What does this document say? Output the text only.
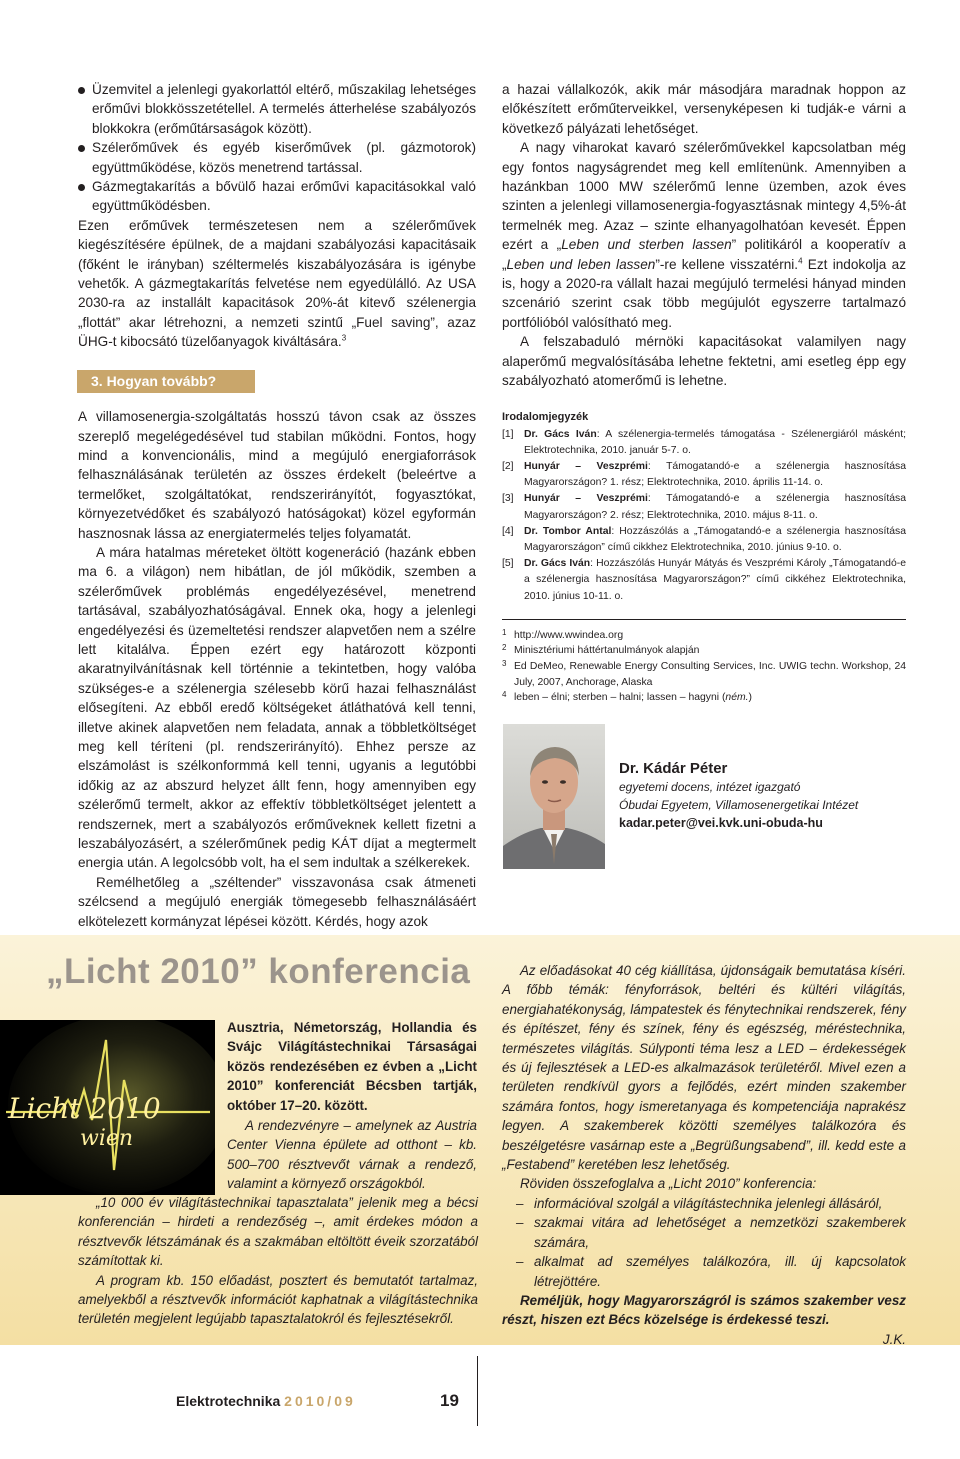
Üzemvitel a jelenlegi gyakorlattól eltérő, műszakilag lehetséges erőművi blokkösszetétellel. A termelés átterhelése szabályozós blokkokra (erőműtársaságok között).
Szélerőművek és egyéb kiserőművek (pl. gázmotorok) együttműködése, közös menetrend tartással.
Gázmegtakarítás a bővülő hazai erőművi kapacitásokkal való együttműködésben.

Ezen erőművek természetesen nem a szélerőművek kiegészítésére épülnek, de a majdani szabályozási kapacitásaik (főként le irányban) széltermelés kiszabályozására is igénybe vehetők. A gázmegtakarítás felvetése nem egyedülálló. Az USA 2030-ra az installált kapacitások 20%-át kitevő szélenergia „flottát” akar létrehozni, a nemzeti szintű „Fuel saving”, azaz ÜHG-t kibocsátó tüzelőanyagok kiváltására.$^3$

3. Hogyan tovább?

A villamosenergia-szolgáltatás hosszú távon csak az összes szereplő megelégedésével tud stabilan működni. Fontos, hogy mind a konvencionális, mind a megújuló energiaforrások felhasználásának területén az összes érdekelt (beleértve a termelőket, szolgáltatókat, rendszerirányítót, fogyasztókat, környezetvédőket és szabályozó hatóságokat) közel egyformán hasznosnak lássa az energiatermelés teljes folyamatát.

A mára hatalmas méreteket öltött kogeneráció (hazánk ebben ma 6. a világon) nem hibátlan, de jól működik, szemben a szélerőművek problémás engedélyezésével, menetrend tartásával, szabályozhatóságával. Ennek oka, hogy a jelenlegi engedélyezési és üzemeltetési rendszer alapvetően nem a szélre lett kitalálva. Éppen ezért egy határozott központi akaratnyilvánításnak kell történnie a tekintetben, hogy valóba szükséges-e a szélenergia szélesebb körű hazai felhasználást elősegíteni. Az ebből eredő költségeket átláthatóvá kell tenni, illetve akinek alapvetően nem feladata, annak a többletköltséget meg kell téríteni (pl. rendszerirányító). Ehhez persze az elszámolást is szélkonformmá kell tenni, ugyanis a legutóbbi időkig az az abszurd helyzet állt fenn, hogy amennyiben egy szélerőmű termelt, akkor az effektív többletköltséget jelentett a rendszernek, mert a szabályozós erőműveknek kellett fizetni a leszabályozásért, a szélerőműnek pedig KÁT díjat a megtermelt energia után. A legolcsóbb volt, ha el sem indultak a szélkerekek.

Remélhetőleg a „széltender” visszavonása csak átmeneti szélcsend a megújuló energiák tömegesebb felhasználásáért elkötelezett kormányzat lépései között. Kérdés, hogy azok

a hazai vállalkozók, akik már másodjára maradnak hoppon az előkészített erőműterveikkel, versenyképesen ki tudják-e várni a következő pályázati lehetőséget.

A nagy viharokat kavaró szélerőművekkel kapcsolatban még egy fontos nagyságrendet meg kell említenünk. Amennyiben a hazánkban 1000 MW szélerőmű lenne üzemben, azok éves szinten a jelenlegi villamosenergia-fogyasztásnak mintegy 4,5%-át termelnék meg. Azaz – szinte elhanyagolhatóan kevesét. Éppen ezért a „Leben und sterben lassen” politikáról a kooperatív a „Leben und leben lassen”-re kellene visszatérni.$^4$ Ezt indokolja az is, hogy a 2020-ra vállalt hazai megújuló termelési hányad minden szcenárió szerint csak több megújulót egyszerre tartalmazó portfólióból valósítható meg.

A felszabaduló mérnöki kapacitásokat valamilyen nagy alaperőmű megvalósításába lehetne fektetni, ami esetleg épp egy szabályozható atomerőmű is lehetne.

Irodalomjegyzék
[1] Dr. Gács Iván: A szélenergia-termelés támogatása - Szélenergiáról másként; Elektrotechnika, 2010. január 5-7. o.
[2] Hunyár – Veszprémi: Támogatandó-e a szélenergia hasznosítása Magyarországon? 1. rész; Elektrotechnika, 2010. április 11-14. o.
[3] Hunyár – Veszprémi: Támogatandó-e a szélenergia hasznosítása Magyarországon? 2. rész; Elektrotechnika, 2010. május 8-11. o.
[4] Dr. Tombor Antal: Hozzászólás a „Támogatandó-e a szélenergia hasznosítása Magyarországon” című cikkhez Elektrotechnika, 2010. június 9-10. o.
[5] Dr. Gács Iván: Hozzászólás Hunyár Mátyás és Veszprémi Károly „Támogatandó-e a szélenergia hasznosítása Magyarországon?” című cikkéhez Elektrotechnika, 2010. június 10-11. o.
1 http://www.wwindea.org
2 Minisztériumi háttértanulmányok alapján
3 Ed DeMeo, Renewable Energy Consulting Services, Inc. UWIG techn. Workshop, 24 July, 2007, Anchorage, Alaska
4 leben – élni; sterben – halni; lassen – hagyni (ném.)
Dr. Kádár Péter
egyetemi docens, intézet igazgató
Óbudai Egyetem, Villamosenergetikai Intézet
kadar.peter@vei.kvk.uni-obuda-hu
„Licht 2010” konferencia
Licht 2010
wien
Ausztria, Németország, Hollandia és Svájc Világítástechnikai Társaságai közös rendezésében ez évben a „Licht 2010” konferenciát Bécsben tartják, október 17–20. között.
A rendezvényre – amelynek az Austria Center Vienna épülete ad otthont – kb. 500–700 résztvevőt várnak a rendező, valamint a környező országokból.

„10 000 év világítástechnikai tapasztalata” jelenik meg a bécsi konferencián – hirdeti a rendezőség –, amit érdekes módon a résztvevők létszámának és a szakmában eltöltött éveik szorzatából számítottak ki.

A program kb. 150 előadást, posztert és bemutatót tartalmaz, amelyekből a résztvevők információt kaphatnak a világítástechnika területén megjelent legújabb tapasztalatokról és fejlesztésekről.

Az előadásokat 40 cég kiállítása, újdonságaik bemutatása kíséri. A főbb témák: fényforrások, beltéri és kültéri világítás, energiahatékonyság, lámpatestek és fénytechnikai rendszerek, fény és építészet, fény és színek, fény és egészség, méréstechnika, természetes világítás. Súlyponti téma lesz a LED – érdekességek és új fejlesztések a LED-es alkalmazások területéről. Mivel ezen a területen rendkívül gyors a fejlődés, ezért minden szakember számára fontos, hogy ismeretanyaga és kompetenciája naprakész legyen. A szakemberek közötti személyes találkozóra és beszélgetésre vasárnap este a „Begrüßungsabend”, ill. kedd este a „Festabend” keretében lesz lehetőség.

Röviden összefoglalva a „Licht 2010” konferencia:

– információval szolgál a világítástechnika jelenlegi állásáról,
– szakmai vitára ad lehetőséget a nemzetközi szakemberek számára,
– alkalmat ad személyes találkozóra, ill. új kapcsolatok létrejöttére.

Reméljük, hogy Magyarországról is számos szakember vesz részt, hiszen ezt Bécs közelsége is érdekessé teszi.

J.K.

Elektrotechnika 2010/09	19
